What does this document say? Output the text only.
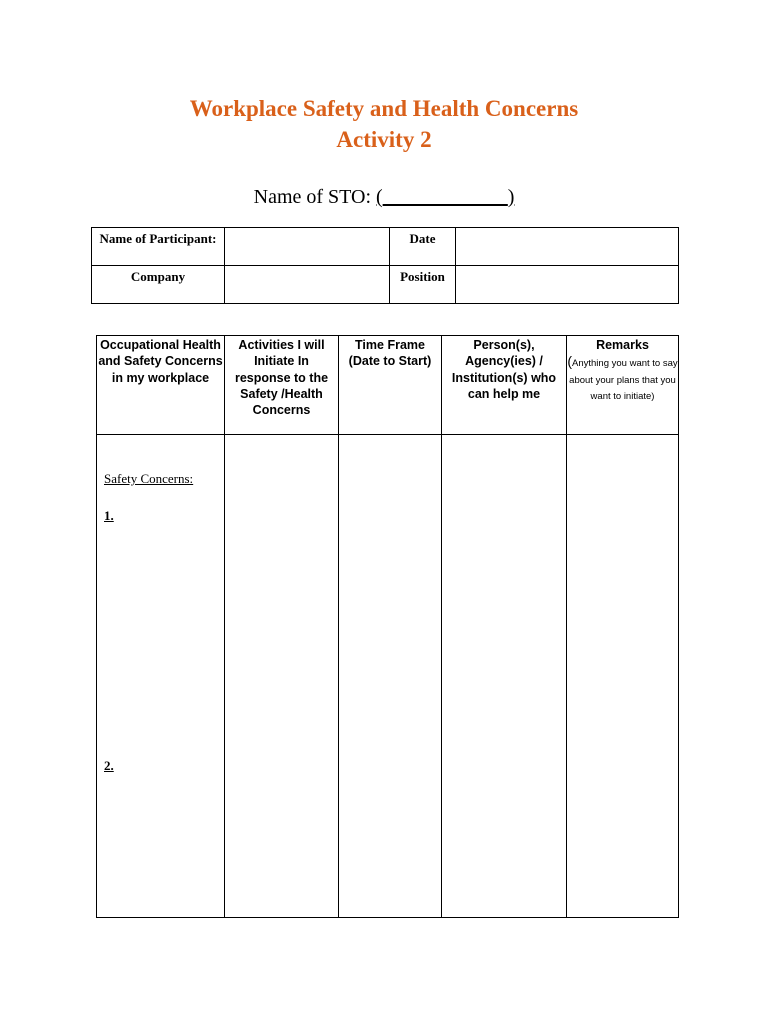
Workplace Safety and Health Concerns
Activity 2
Name of STO: (__               ___)
Name of Participant:		Date	
Company		Position	
Occupational Health and Safety Concerns in my workplace	Activities I will Initiate In response to the Safety /Health Concerns	Time Frame (Date to Start)	Person(s), Agency(ies) / Institution(s) who can help me	Remarks
(Anything you want to say about your plans that you want to initiate)

Safety Concerns:
1.
2.				
